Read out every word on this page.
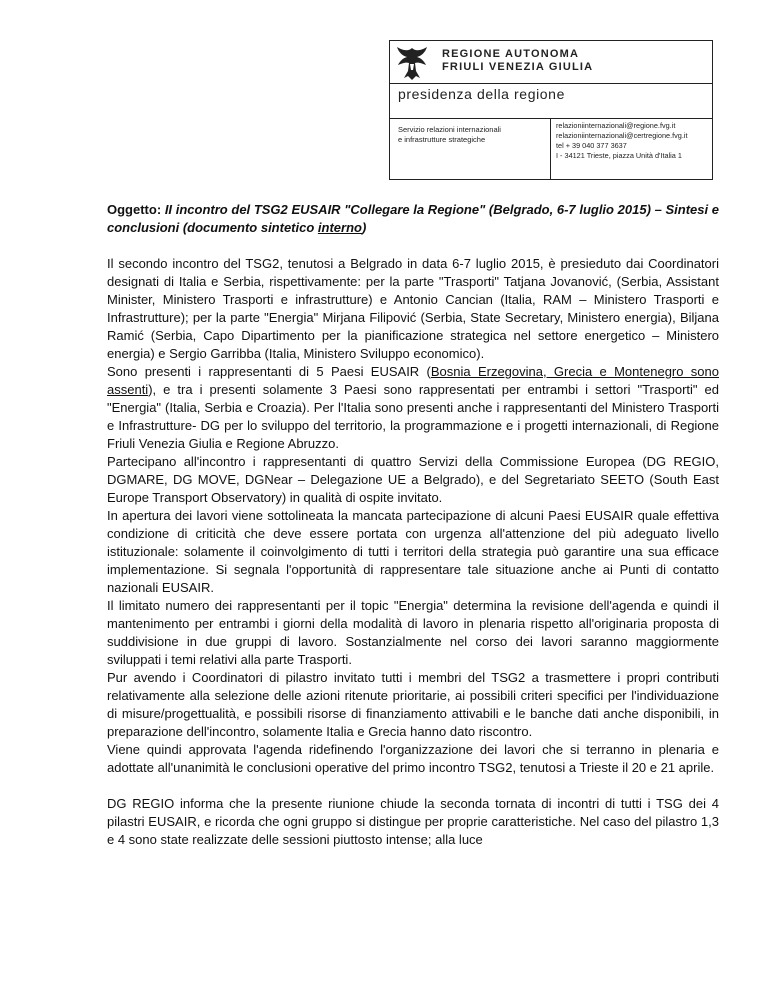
REGIONE AUTONOMA
FRIULI VENEZIA GIULIA
presidenza della regione
Servizio relazioni internazionali
e infrastrutture strategiche
relazioniinternazionali@regione.fvg.it
relazioniinternazionali@certregione.fvg.it
tel + 39 040 377 3637
I - 34121 Trieste, piazza Unità d'Italia 1

Oggetto: II incontro del TSG2 EUSAIR "Collegare la Regione" (Belgrado, 6-7 luglio 2015) – Sintesi e conclusioni (documento sintetico interno)

Il secondo incontro del TSG2, tenutosi a Belgrado in data 6-7 luglio 2015, è presieduto dai Coordinatori designati di Italia e Serbia, rispettivamente: per la parte "Trasporti" Tatjana Jovanović, (Serbia, Assistant Minister, Ministero Trasporti e infrastrutture) e Antonio Cancian (Italia, RAM – Ministero Trasporti e Infrastrutture); per la parte "Energia" Mirjana Filipović (Serbia, State Secretary, Ministero energia), Biljana Ramić (Serbia, Capo Dipartimento per la pianificazione strategica nel settore energetico – Ministero energia) e Sergio Garribba (Italia, Ministero Sviluppo economico).

Sono presenti i rappresentanti di 5 Paesi EUSAIR (Bosnia Erzegovina, Grecia e Montenegro sono assenti), e tra i presenti solamente 3 Paesi sono rappresentati per entrambi i settori "Trasporti" ed "Energia" (Italia, Serbia e Croazia). Per l'Italia sono presenti anche i rappresentanti del Ministero Trasporti e Infrastrutture- DG per lo sviluppo del territorio, la programmazione e i progetti internazionali, di Regione Friuli Venezia Giulia e Regione Abruzzo.

Partecipano all'incontro i rappresentanti di quattro Servizi della Commissione Europea (DG REGIO, DGMARE, DG MOVE, DGNear – Delegazione UE a Belgrado), e del Segretariato SEETO (South East Europe Transport Observatory) in qualità di ospite invitato.

In apertura dei lavori viene sottolineata la mancata partecipazione di alcuni Paesi EUSAIR quale effettiva condizione di criticità che deve essere portata con urgenza all'attenzione del più adeguato livello istituzionale: solamente il coinvolgimento di tutti i territori della strategia può garantire una sua efficace implementazione. Si segnala l'opportunità di rappresentare tale situazione anche ai Punti di contatto nazionali EUSAIR.

Il limitato numero dei rappresentanti per il topic "Energia" determina la revisione dell'agenda e quindi il mantenimento per entrambi i giorni della modalità di lavoro in plenaria rispetto all'originaria proposta di suddivisione in due gruppi di lavoro. Sostanzialmente nel corso dei lavori saranno maggiormente sviluppati i temi relativi alla parte Trasporti.

Pur avendo i Coordinatori di pilastro invitato tutti i membri del TSG2 a trasmettere i propri contributi relativamente alla selezione delle azioni ritenute prioritarie, ai possibili criteri specifici per l'individuazione di misure/progettualità, e possibili risorse di finanziamento attivabili e le banche dati anche disponibili, in preparazione dell'incontro, solamente Italia e Grecia hanno dato riscontro.

Viene quindi approvata l'agenda ridefinendo l'organizzazione dei lavori che si terranno in plenaria e adottate all'unanimità le conclusioni operative del primo incontro TSG2, tenutosi a Trieste il 20 e 21 aprile.

DG REGIO informa che la presente riunione chiude la seconda tornata di incontri di tutti i TSG dei 4 pilastri EUSAIR, e ricorda che ogni gruppo si distingue per proprie caratteristiche. Nel caso del pilastro 1,3 e 4 sono state realizzate delle sessioni piuttosto intense; alla luce
